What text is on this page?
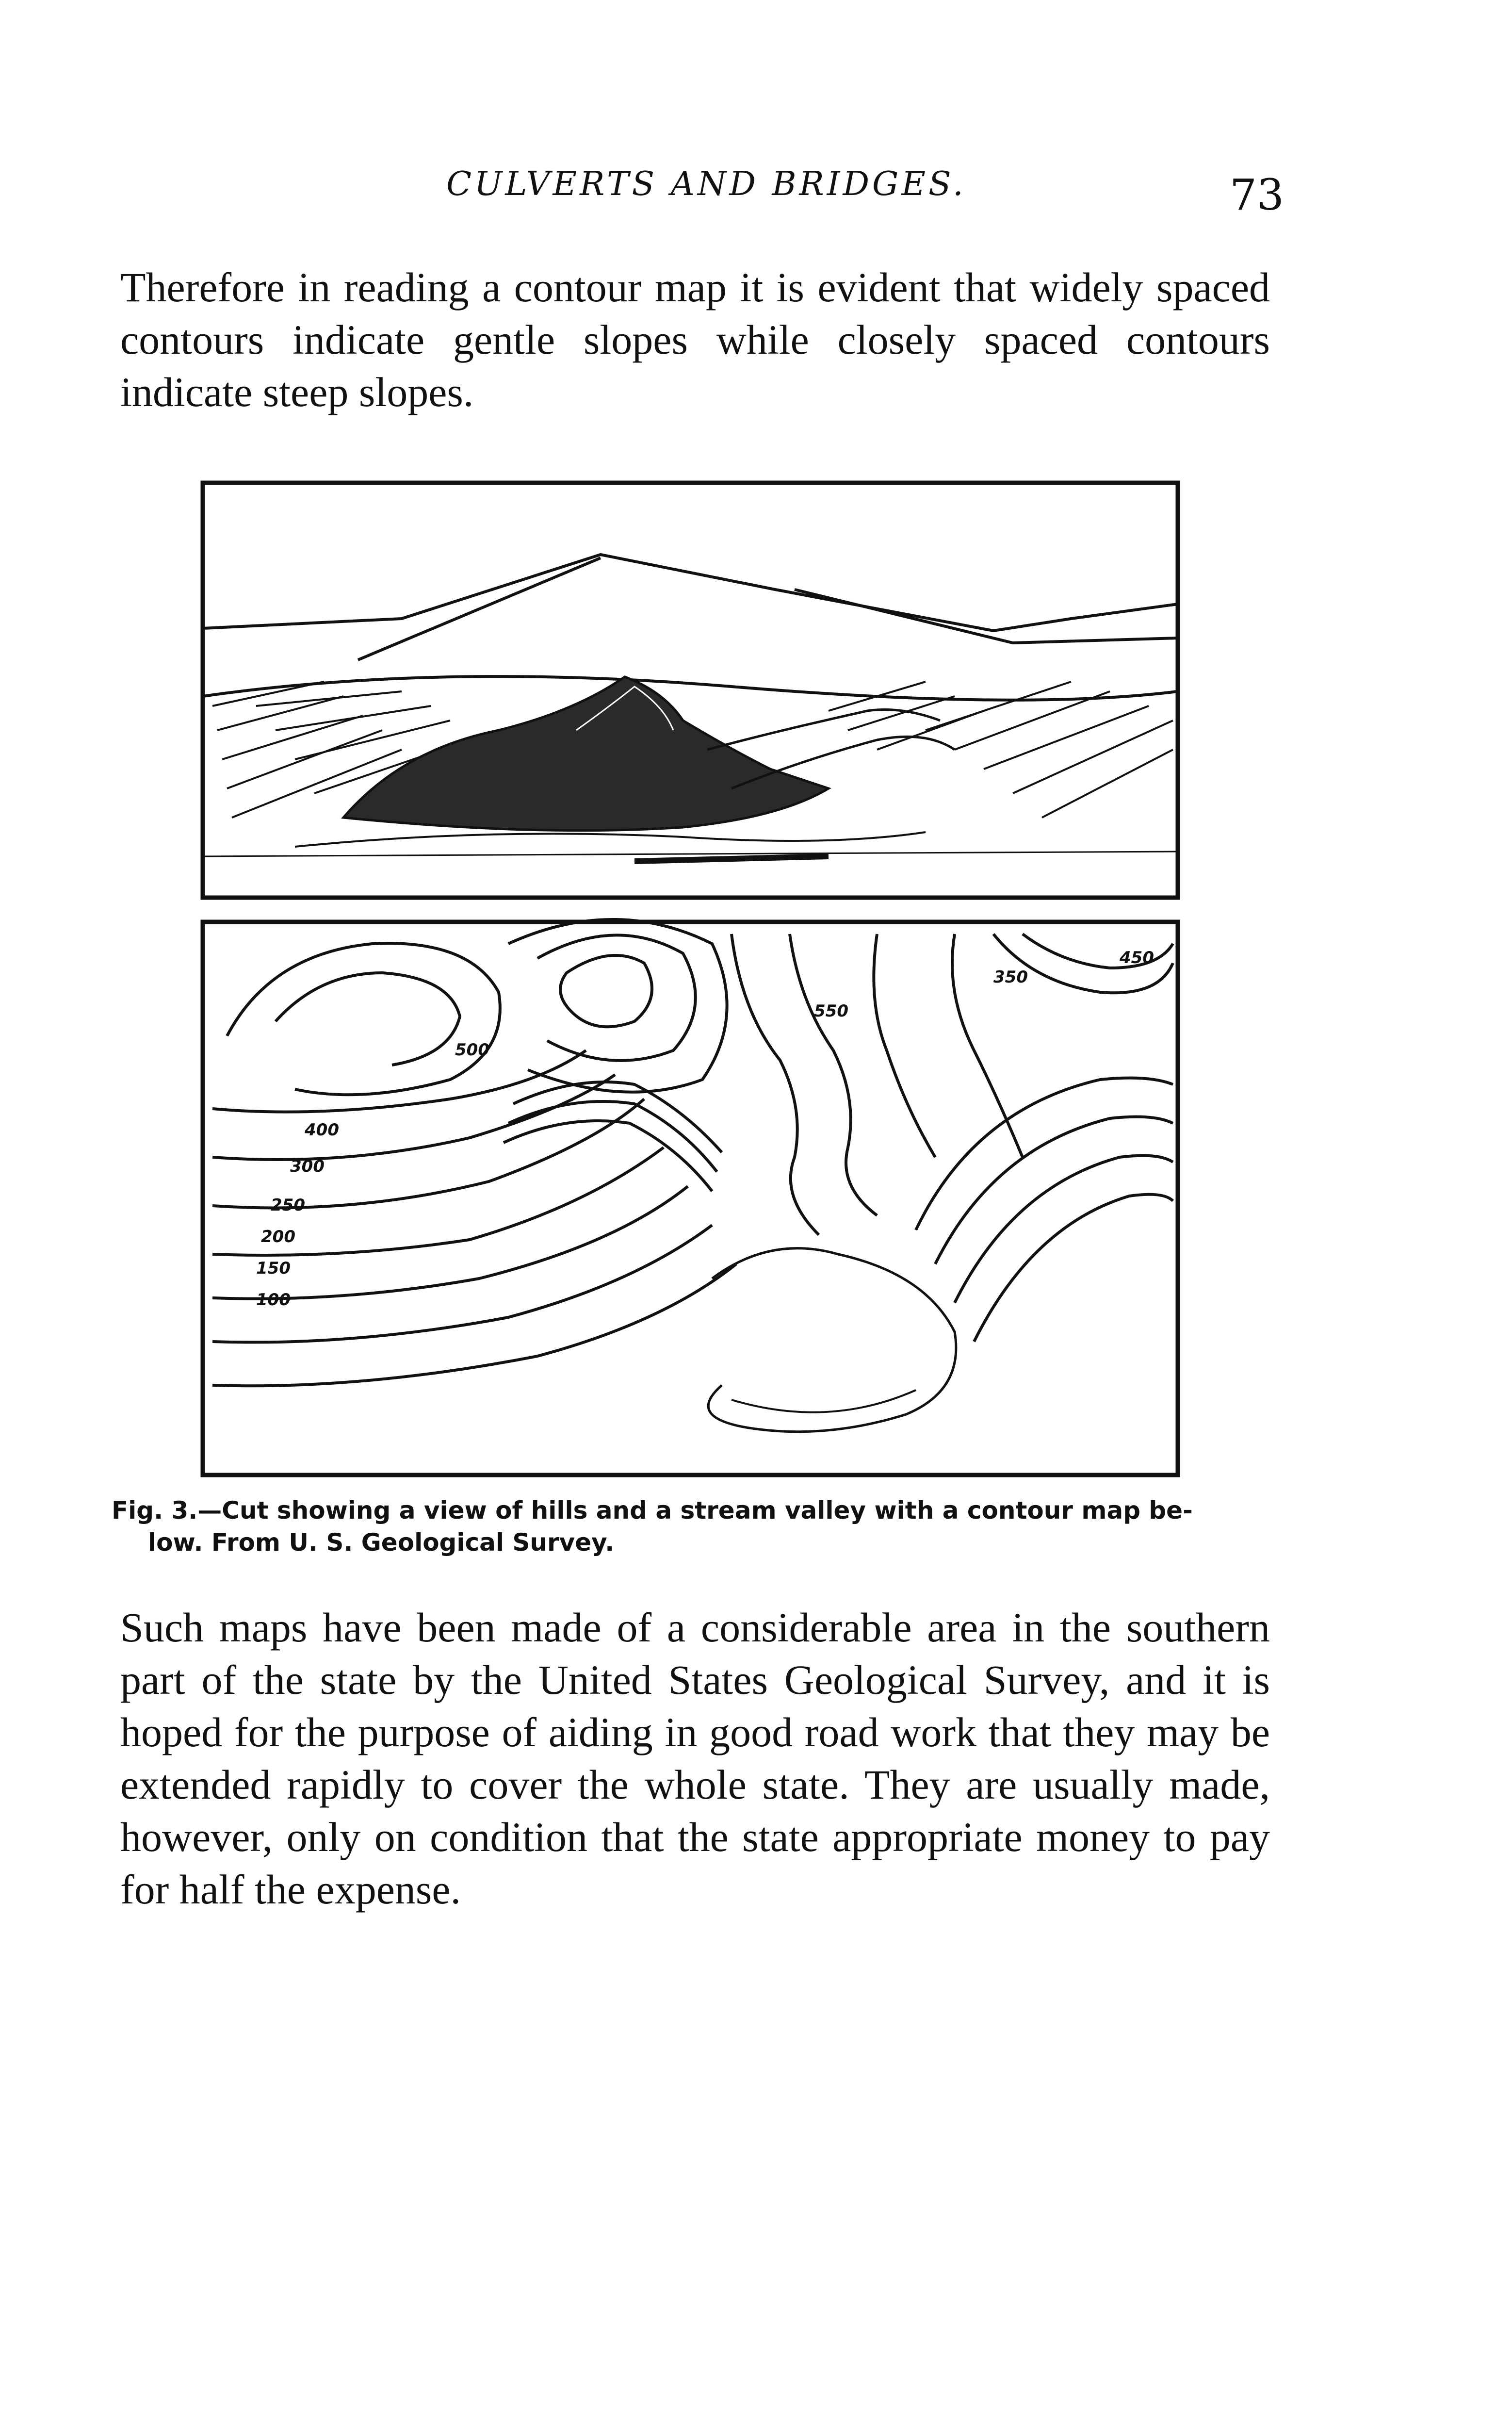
CULVERTS AND BRIDGES.	73

Therefore in reading a contour map it is evident that widely spaced contours indicate gentle slopes while closely spaced contours indicate steep slopes.

100
150
200
250
300
350
400
450
500
550

Fig. 3.—Cut showing a view of hills and a stream valley with a contour map be-
low. From U. S. Geological Survey.

Such maps have been made of a considerable area in the southern part of the state by the United States Geological Survey, and it is hoped for the purpose of aiding in good road work that they may be extended rapidly to cover the whole state. They are usually made, however, only on condition that the state appropriate money to pay for half the expense.
